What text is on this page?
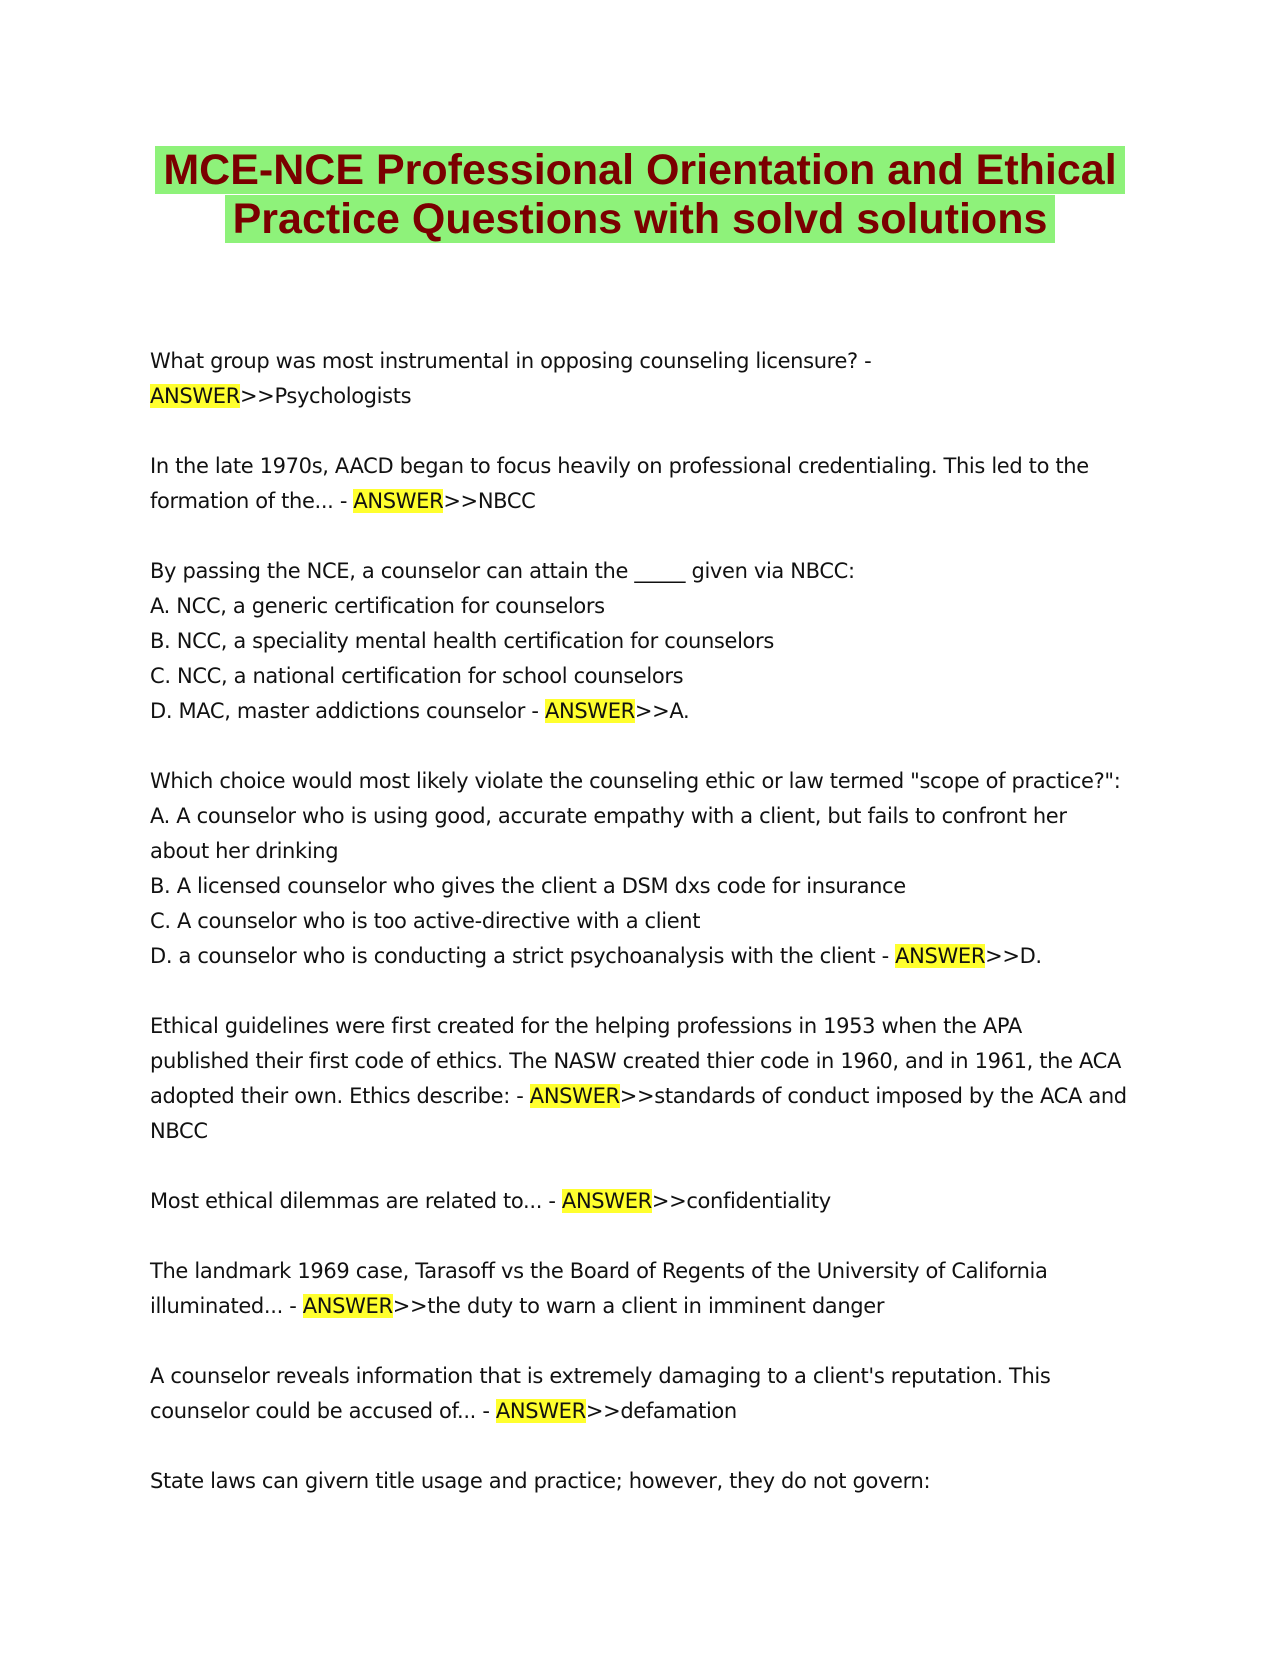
MCE-NCE Professional Orientation and Ethical
Practice Questions with solvd solutions
What group was most instrumental in opposing counseling licensure? -
ANSWER>>Psychologists
In the late 1970s, AACD began to focus heavily on professional credentialing. This led to the
formation of the... - ANSWER>>NBCC
By passing the NCE, a counselor can attain the _____ given via NBCC:
A. NCC, a generic certification for counselors
B. NCC, a speciality mental health certification for counselors
C. NCC, a national certification for school counselors
D. MAC, master addictions counselor - ANSWER>>A.
Which choice would most likely violate the counseling ethic or law termed "scope of practice?":
A. A counselor who is using good, accurate empathy with a client, but fails to confront her
about her drinking
B. A licensed counselor who gives the client a DSM dxs code for insurance
C. A counselor who is too active-directive with a client
D. a counselor who is conducting a strict psychoanalysis with the client - ANSWER>>D.
Ethical guidelines were first created for the helping professions in 1953 when the APA
published their first code of ethics. The NASW created thier code in 1960, and in 1961, the ACA
adopted their own. Ethics describe: - ANSWER>>standards of conduct imposed by the ACA and
NBCC
Most ethical dilemmas are related to... - ANSWER>>confidentiality
The landmark 1969 case, Tarasoff vs the Board of Regents of the University of California
illuminated... - ANSWER>>the duty to warn a client in imminent danger
A counselor reveals information that is extremely damaging to a client's reputation. This
counselor could be accused of... - ANSWER>>defamation
State laws can givern title usage and practice; however, they do not govern:
